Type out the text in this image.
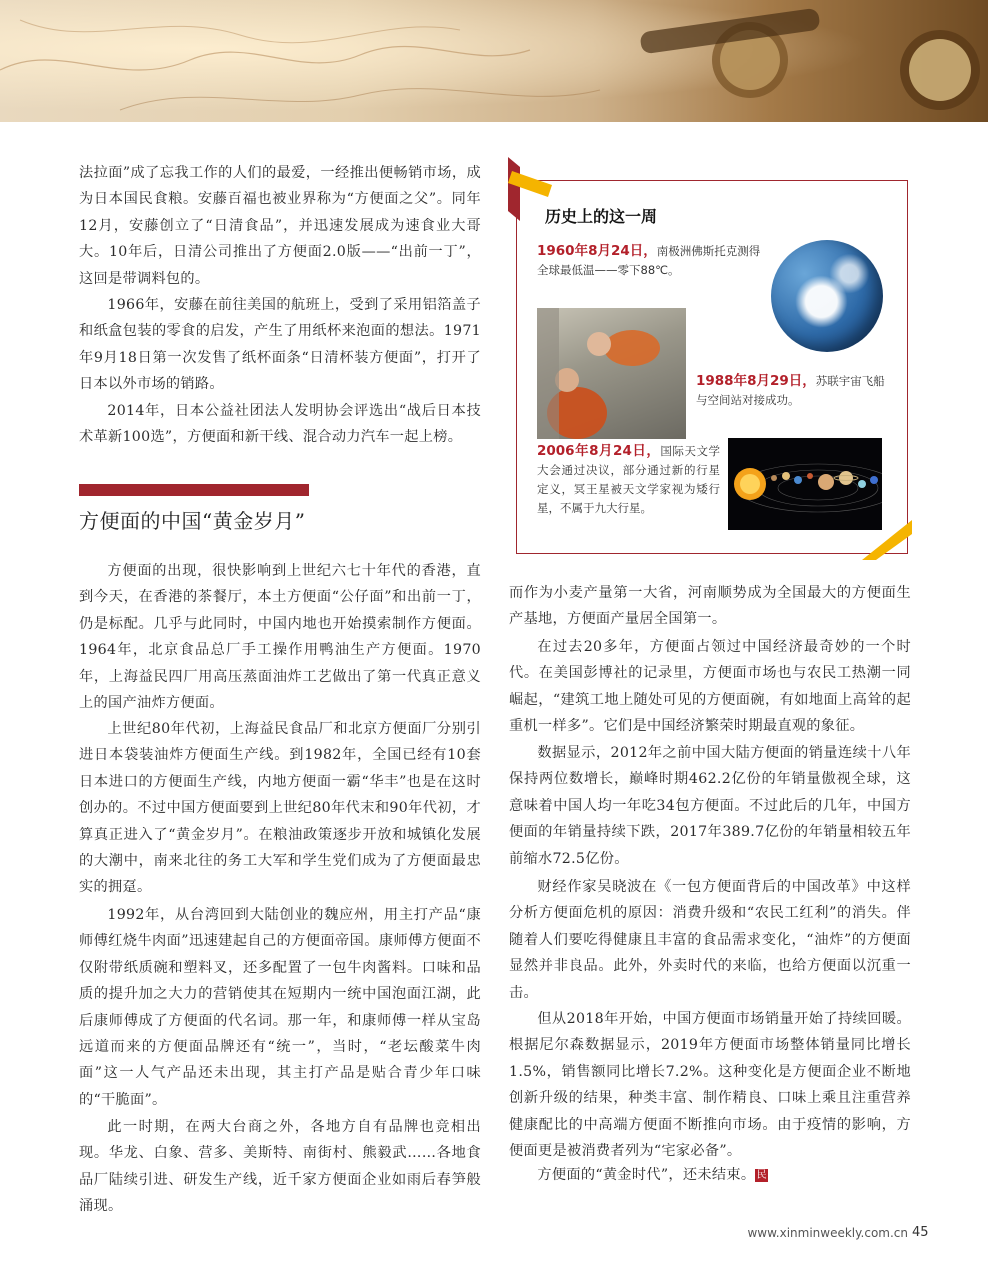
法拉面”成了忘我工作的人们的最爱，一经推出便畅销市场，成为日本国民食粮。安藤百福也被业界称为“方便面之父”。同年12月，安藤创立了“日清食品”，并迅速发展成为速食业大哥大。10年后，日清公司推出了方便面2.0版——“出前一丁”，这回是带调料包的。

1966年，安藤在前往美国的航班上，受到了采用铝箔盖子和纸盒包装的零食的启发，产生了用纸杯来泡面的想法。1971年9月18日第一次发售了纸杯面条“日清杯装方便面”，打开了日本以外市场的销路。

2014年，日本公益社团法人发明协会评选出“战后日本技术革新100选”，方便面和新干线、混合动力汽车一起上榜。

方便面的中国“黄金岁月”

方便面的出现，很快影响到上世纪六七十年代的香港，直到今天，在香港的茶餐厅，本土方便面“公仔面”和出前一丁，仍是标配。几乎与此同时，中国内地也开始摸索制作方便面。1964年，北京食品总厂手工操作用鸭油生产方便面。1970年，上海益民四厂用高压蒸面油炸工艺做出了第一代真正意义上的国产油炸方便面。

上世纪80年代初，上海益民食品厂和北京方便面厂分别引进日本袋装油炸方便面生产线。到1982年，全国已经有10套日本进口的方便面生产线，内地方便面一霸“华丰”也是在这时创办的。不过中国方便面要到上世纪80年代末和90年代初，才算真正进入了“黄金岁月”。在粮油政策逐步开放和城镇化发展的大潮中，南来北往的务工大军和学生党们成为了方便面最忠实的拥趸。

1992年，从台湾回到大陆创业的魏应州，用主打产品“康师傅红烧牛肉面”迅速建起自己的方便面帝国。康师傅方便面不仅附带纸质碗和塑料叉，还多配置了一包牛肉酱料。口味和品质的提升加之大力的营销使其在短期内一统中国泡面江湖，此后康师傅成了方便面的代名词。那一年，和康师傅一样从宝岛远道而来的方便面品牌还有“统一”，当时，“老坛酸菜牛肉面”这一人气产品还未出现，其主打产品是贴合青少年口味的“干脆面”。

此一时期，在两大台商之外，各地方自有品牌也竞相出现。华龙、白象、营多、美斯特、南街村、熊毅武……各地食品厂陆续引进、研发生产线，近千家方便面企业如雨后春笋般涌现。

历史上的这一周

1960年8月24日，南极洲佛斯托克测得全球最低温——零下88℃。

1988年8月29日，苏联宇宙飞船与空间站对接成功。

2006年8月24日，国际天文学大会通过决议，部分通过新的行星定义，冥王星被天文学家视为矮行星，不属于九大行星。

而作为小麦产量第一大省，河南顺势成为全国最大的方便面生产基地，方便面产量居全国第一。

在过去20多年，方便面占领过中国经济最奇妙的一个时代。在美国彭博社的记录里，方便面市场也与农民工热潮一同崛起，“建筑工地上随处可见的方便面碗，有如地面上高耸的起重机一样多”。它们是中国经济繁荣时期最直观的象征。

数据显示，2012年之前中国大陆方便面的销量连续十八年保持两位数增长，巅峰时期462.2亿份的年销量傲视全球，这意味着中国人均一年吃34包方便面。不过此后的几年，中国方便面的年销量持续下跌，2017年389.7亿份的年销量相较五年前缩水72.5亿份。

财经作家吴晓波在《一包方便面背后的中国改革》中这样分析方便面危机的原因：消费升级和“农民工红利”的消失。伴随着人们要吃得健康且丰富的食品需求变化，“油炸”的方便面显然并非良品。此外，外卖时代的来临，也给方便面以沉重一击。

但从2018年开始，中国方便面市场销量开始了持续回暖。根据尼尔森数据显示，2019年方便面市场整体销量同比增长1.5%，销售额同比增长7.2%。这种变化是方便面企业不断地创新升级的结果，种类丰富、制作精良、口味上乘且注重营养健康配比的中高端方便面不断推向市场。由于疫情的影响，方便面更是被消费者列为“宅家必备”。

方便面的“黄金时代”，还未结束。民

www.xinminweekly.com.cn 45
